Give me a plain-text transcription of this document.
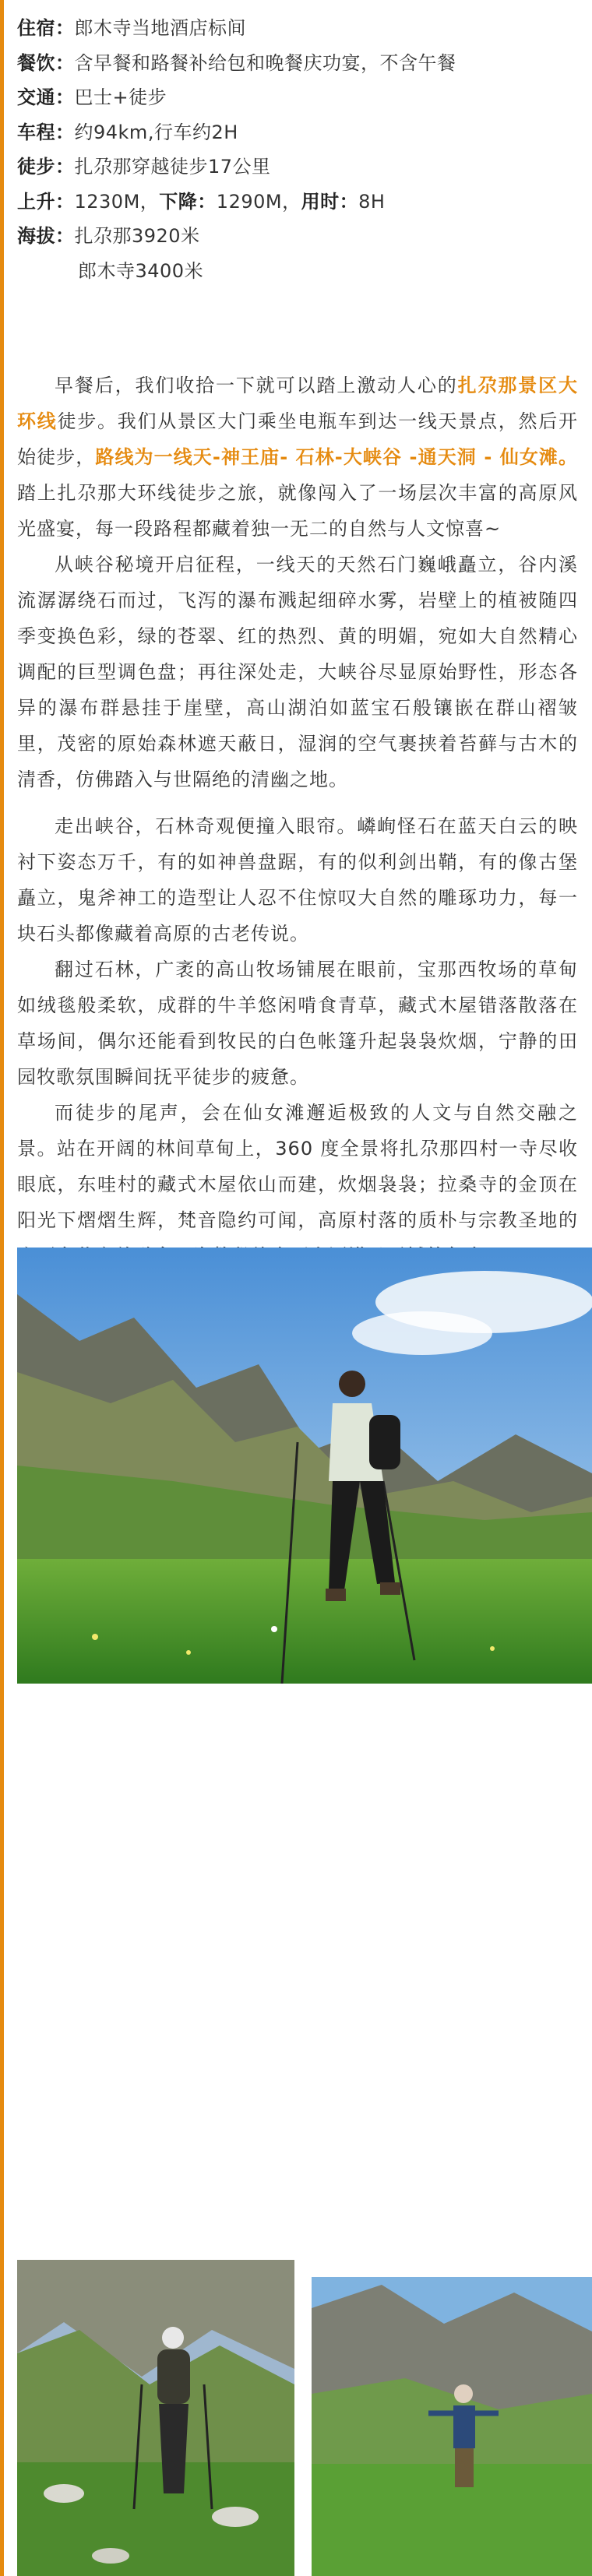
住宿：郎木寺当地酒店标间
餐饮：含早餐和路餐补给包和晚餐庆功宴，不含午餐
交通：巴士+徒步
车程：约94km,行车约2H
徒步：扎尕那穿越徒步17公里
上升：1230M，下降：1290M，用时：8H
海拔：扎尕那3920米
郎木寺3400米

早餐后，我们收拾一下就可以踏上激动人心的扎尕那景区大环线徒步。我们从景区大门乘坐电瓶车到达一线天景点，然后开始徒步，路线为一线天-神王庙- 石林-大峡谷 -通天洞 - 仙女滩。踏上扎尕那大环线徒步之旅，就像闯入了一场层次丰富的高原风光盛宴，每一段路程都藏着独一无二的自然与人文惊喜~

从峡谷秘境开启征程，一线天的天然石门巍峨矗立，谷内溪流潺潺绕石而过，飞泻的瀑布溅起细碎水雾，岩壁上的植被随四季变换色彩，绿的苍翠、红的热烈、黄的明媚，宛如大自然精心调配的巨型调色盘；再往深处走，大峡谷尽显原始野性，形态各异的瀑布群悬挂于崖壁，高山湖泊如蓝宝石般镶嵌在群山褶皱里，茂密的原始森林遮天蔽日，湿润的空气裹挟着苔藓与古木的清香，仿佛踏入与世隔绝的清幽之地。

走出峡谷，石林奇观便撞入眼帘。嶙峋怪石在蓝天白云的映衬下姿态万千，有的如神兽盘踞，有的似利剑出鞘，有的像古堡矗立，鬼斧神工的造型让人忍不住惊叹大自然的雕琢功力，每一块石头都像藏着高原的古老传说。

翻过石林，广袤的高山牧场铺展在眼前，宝那西牧场的草甸如绒毯般柔软，成群的牛羊悠闲啃食青草，藏式木屋错落散落在草场间，偶尔还能看到牧民的白色帐篷升起袅袅炊烟，宁静的田园牧歌氛围瞬间抚平徒步的疲惫。

而徒步的尾声，会在仙女滩邂逅极致的人文与自然交融之景。站在开阔的林间草甸上，360 度全景将扎尕那四村一寺尽收眼底，东哇村的藏式木屋依山而建，炊烟袅袅；拉桑寺的金顶在阳光下熠熠生辉，梵音隐约可闻，高原村落的质朴与宗教圣地的
